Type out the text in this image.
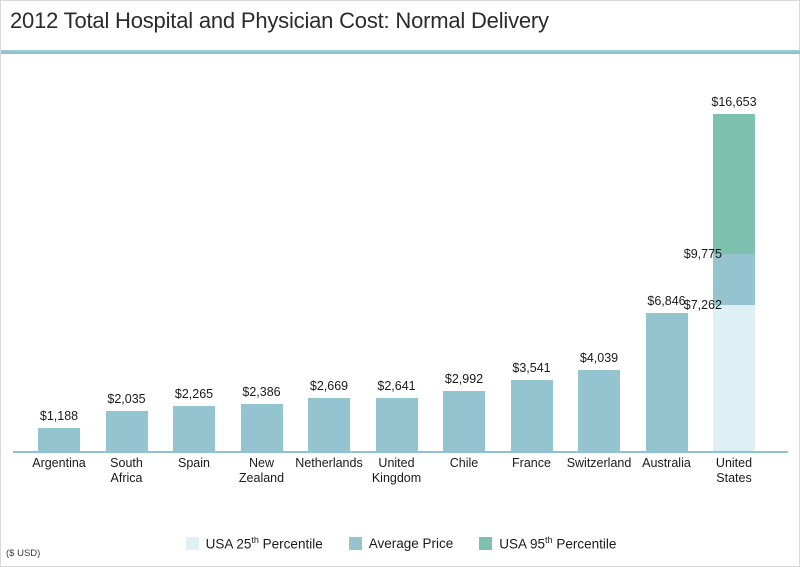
2012 Total Hospital and Physician Cost: Normal Delivery
$1,188
$2,035 $2,265 $2,386 $2,669 $2,641 $2,992
$3,541
$4,039
$6,846
$16,653
$9,775
$7,262
Argentina	South
Africa
Spain	New
Zealand
Netherlands	United
Kingdom
Chile	France	Switzerland Australia	United
States
USA 25th Percentile	Average Price	USA 95th Percentile
($ USD)
